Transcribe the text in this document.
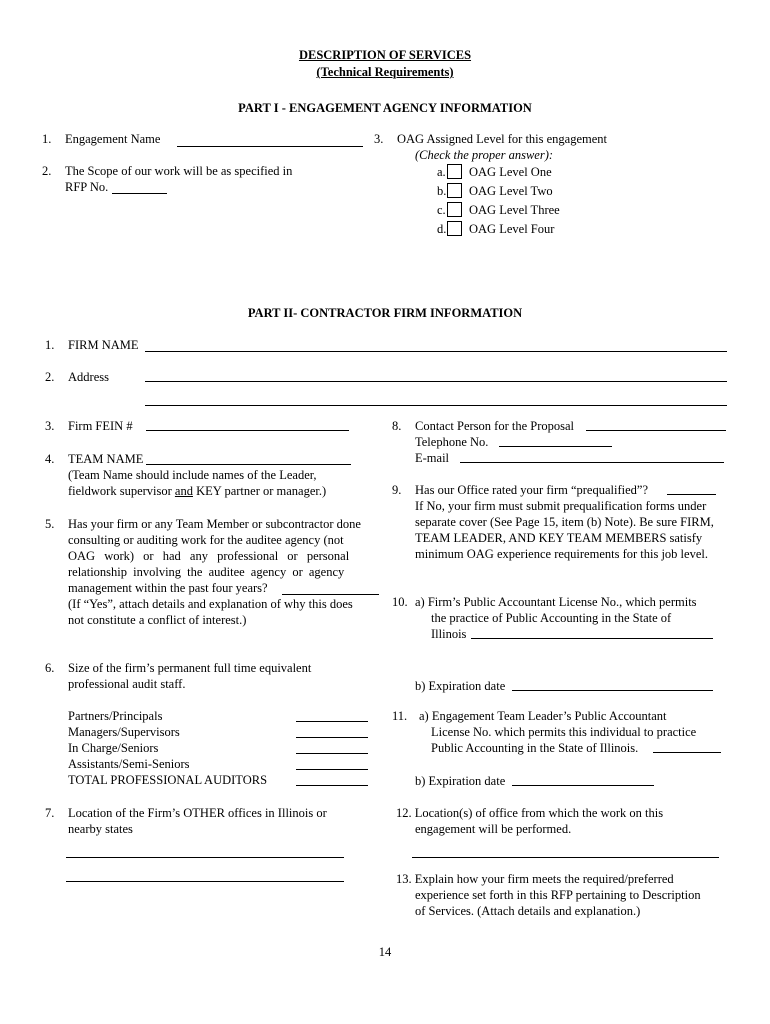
DESCRIPTION OF SERVICES
(Technical Requirements)
PART I - ENGAGEMENT AGENCY INFORMATION
1. Engagement Name
2. The Scope of our work will be as specified in
RFP No.
3. OAG Assigned Level for this engagement
(Check the proper answer):
a. OAG Level One
b. OAG Level Two
c. OAG Level Three
d. OAG Level Four
PART II- CONTRACTOR FIRM INFORMATION
1. FIRM NAME
2. Address
3. Firm FEIN #
4. TEAM NAME
(Team Name should include names of the Leader,
fieldwork supervisor and KEY partner or manager.)
5. Has your firm or any Team Member or subcontractor done
consulting or auditing work for the auditee agency (not
OAG work) or had any professional or personal
relationship involving the auditee agency or agency
management within the past four years?
(If “Yes”, attach details and explanation of why this does
not constitute a conflict of interest.)
6. Size of the firm’s permanent full time equivalent
professional audit staff.
Partners/Principals
Managers/Supervisors
In Charge/Seniors
Assistants/Semi-Seniors
TOTAL PROFESSIONAL AUDITORS
7. Location of the Firm’s OTHER offices in Illinois or
nearby states
8. Contact Person for the Proposal
Telephone No.
E-mail
9. Has our Office rated your firm “prequalified”?
If No, your firm must submit prequalification forms under
separate cover (See Page 15, item (b) Note). Be sure FIRM,
TEAM LEADER, AND KEY TEAM MEMBERS satisfy
minimum OAG experience requirements for this job level.
10. a) Firm’s Public Accountant License No., which permits
the practice of Public Accounting in the State of
Illinois
b) Expiration date
11. a) Engagement Team Leader’s Public Accountant
License No. which permits this individual to practice
Public Accounting in the State of Illinois.
b) Expiration date
12. Location(s) of office from which the work on this
engagement will be performed.
13. Explain how your firm meets the required/preferred
experience set forth in this RFP pertaining to Description
of Services. (Attach details and explanation.)
14
